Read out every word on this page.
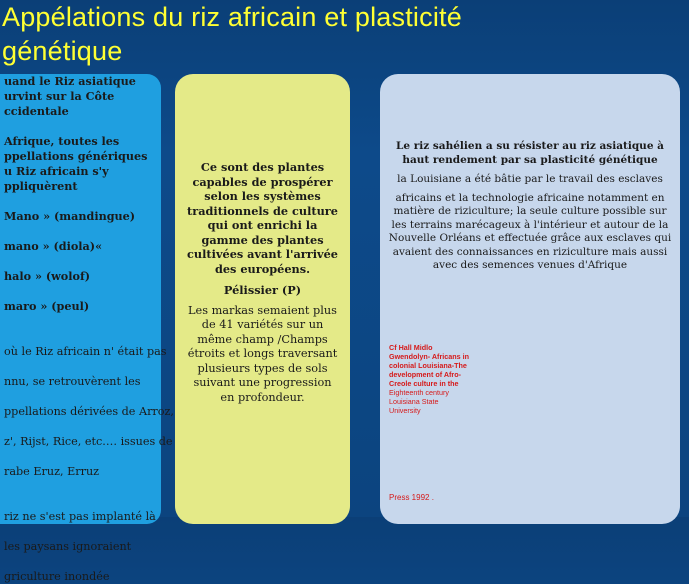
Appélations du riz africain et plasticité
génétique
uand le Riz asiatique
urvint sur la Côte
ccidentale

Afrique, toutes les
ppellations génériques
u Riz africain s'y
ppliquèrent

Mano » (mandingue)

mano » (diola)«

halo » (wolof)

maro » (peul)

où le Riz africain n' était pas

nnu, se retrouvèrent les

ppellations dérivées de Arroz,

z', Rijst, Rice, etc.… issues de

rabe Eruz, Erruz

riz ne s'est pas implanté là

les paysans ignoraient

griculture inondée
Ce sont des plantes capables de prospérer selon les systèmes traditionnels de culture qui ont enrichi la gamme des plantes cultivées avant l'arrivée des européens.
Pélissier (P)
Les markas semaient plus de 41 variétés sur un même champ /Champs étroits et longs traversant plusieurs types de sols suivant une progression en profondeur.
Le riz sahélien a su résister au riz asiatique à haut rendement par sa plasticité génétique
la Louisiane a été bâtie par le travail des esclaves
africains et la technologie africaine notamment en matière de riziculture; la seule culture possible sur les terrains marécageux à l'intérieur et autour de la Nouvelle Orléans et effectuée grâce aux esclaves qui avaient des connaissances en riziculture mais aussi avec des semences venues d'Afrique
Cf Hall Midlo Gwendolyn- Africans in colonial Louisiana-The development of Afro-Creole culture in the Eighteenth century Louisiana State University
Press 1992 .
